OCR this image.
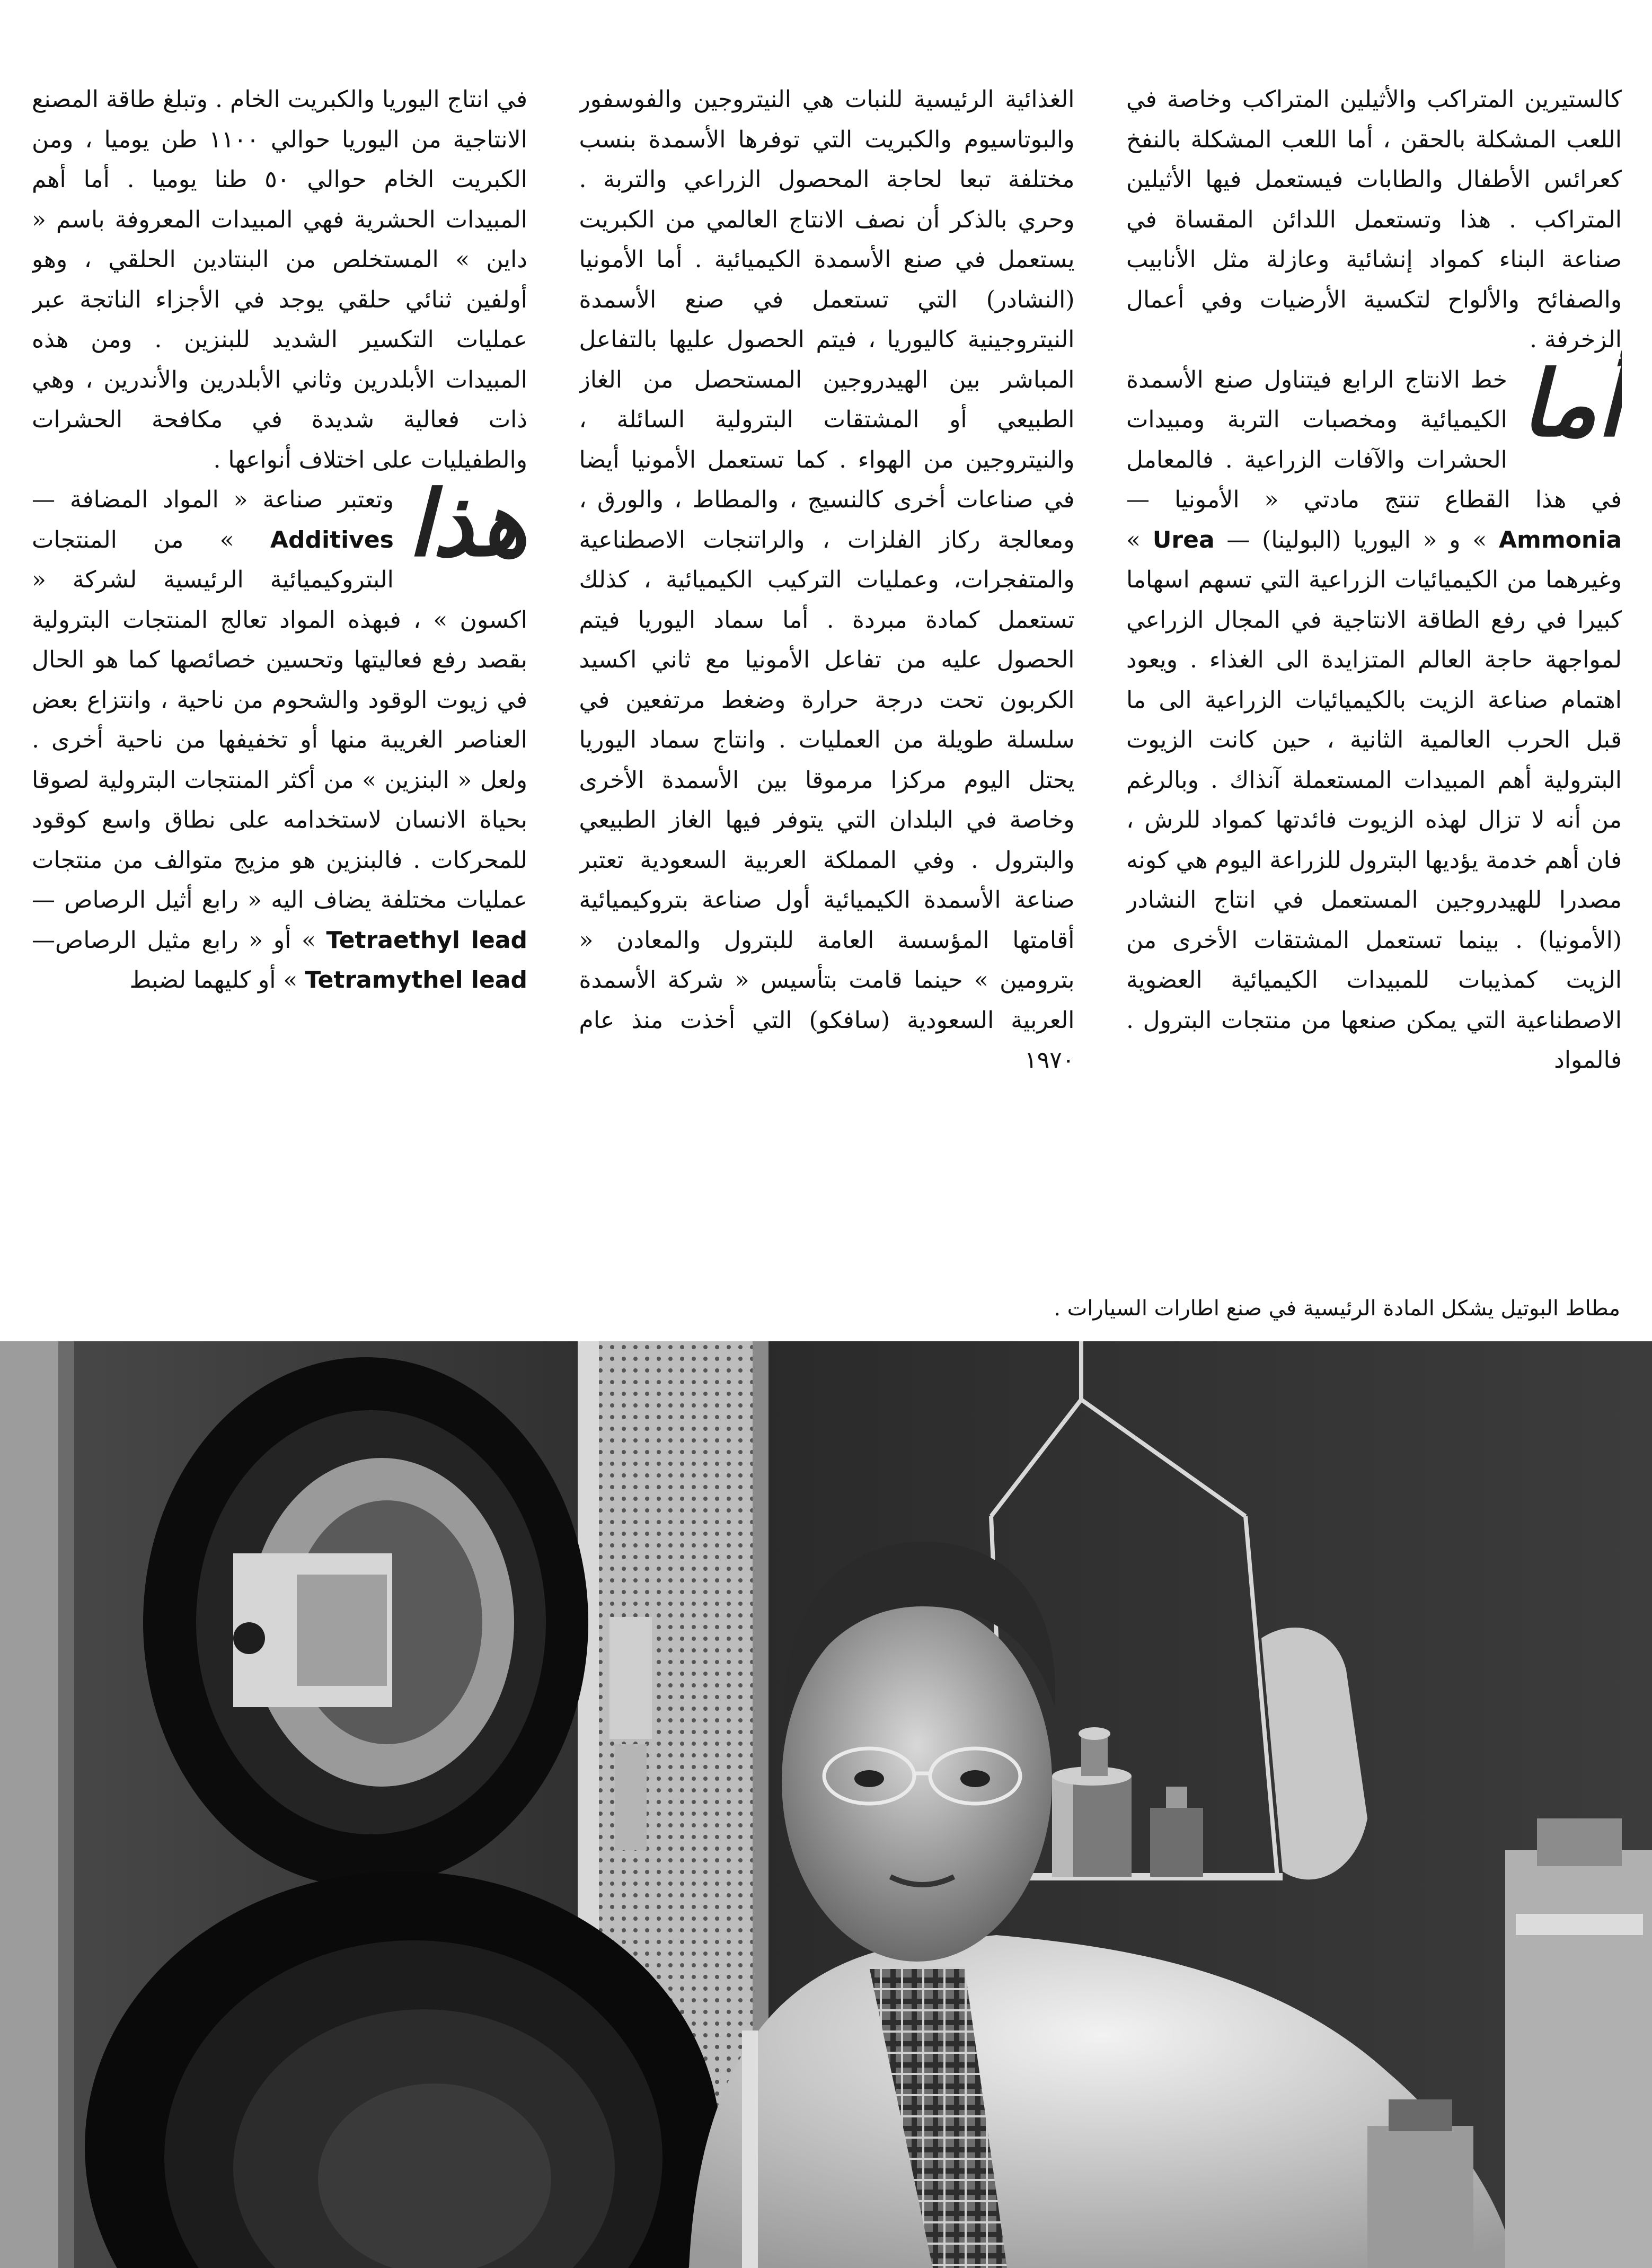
كالستيرين المتراكب والأثيلين المتراكب وخاصة في اللعب المشكلة بالحقن ، أما اللعب المشكلة بالنفخ كعرائس الأطفال والطابات فيستعمل فيها الأثيلين المتراكب . هذا وتستعمل اللدائن المقساة في صناعة البناء كمواد إنشائية وعازلة مثل الأنابيب والصفائح والألواح لتكسية الأرضيات وفي أعمال الزخرفة .

أما
خط الانتاج الرابع فيتناول صنع الأسمدة الكيميائية ومخصبات التربة ومبيدات الحشرات والآفات الزراعية . فالمعامل في هذا القطاع تنتج مادتي « الأمونيا — Ammonia » و « اليوريا (البولينا) — Urea » وغيرهما من الكيميائيات الزراعية التي تسهم اسهاما كبيرا في رفع الطاقة الانتاجية في المجال الزراعي لمواجهة حاجة العالم المتزايدة الى الغذاء . ويعود اهتمام صناعة الزيت بالكيميائيات الزراعية الى ما قبل الحرب العالمية الثانية ، حين كانت الزيوت البترولية أهم المبيدات المستعملة آنذاك . وبالرغم من أنه لا تزال لهذه الزيوت فائدتها كمواد للرش ، فان أهم خدمة يؤديها البترول للزراعة اليوم هي كونه مصدرا للهيدروجين المستعمل في انتاج النشادر (الأمونيا) . بينما تستعمل المشتقات الأخرى من الزيت كمذيبات للمبيدات الكيميائية العضوية الاصطناعية التي يمكن صنعها من منتجات البترول . فالمواد

الغذائية الرئيسية للنبات هي النيتروجين والفوسفور والبوتاسيوم والكبريت التي توفرها الأسمدة بنسب مختلفة تبعا لحاجة المحصول الزراعي والتربة . وحري بالذكر أن نصف الانتاج العالمي من الكبريت يستعمل في صنع الأسمدة الكيميائية . أما الأمونيا (النشادر) التي تستعمل في صنع الأسمدة النيتروجينية كاليوريا ، فيتم الحصول عليها بالتفاعل المباشر بين الهيدروجين المستحصل من الغاز الطبيعي أو المشتقات البترولية السائلة ، والنيتروجين من الهواء . كما تستعمل الأمونيا أيضا في صناعات أخرى كالنسيج ، والمطاط ، والورق ، ومعالجة ركاز الفلزات ، والراتنجات الاصطناعية والمتفجرات، وعمليات التركيب الكيميائية ، كذلك تستعمل كمادة مبردة . أما سماد اليوريا فيتم الحصول عليه من تفاعل الأمونيا مع ثاني اكسيد الكربون تحت درجة حرارة وضغط مرتفعين في سلسلة طويلة من العمليات . وانتاج سماد اليوريا يحتل اليوم مركزا مرموقا بين الأسمدة الأخرى وخاصة في البلدان التي يتوفر فيها الغاز الطبيعي والبترول . وفي المملكة العربية السعودية تعتبر صناعة الأسمدة الكيميائية أول صناعة بتروكيميائية أقامتها المؤسسة العامة للبترول والمعادن « بترومين » حينما قامت بتأسيس « شركة الأسمدة العربية السعودية (سافكو) التي أخذت منذ عام ١٩٧٠

في انتاج اليوريا والكبريت الخام . وتبلغ طاقة المصنع الانتاجية من اليوريا حوالي ١١٠٠ طن يوميا ، ومن الكبريت الخام حوالي ٥٠ طنا يوميا . أما أهم المبيدات الحشرية فهي المبيدات المعروفة باسم « داين » المستخلص من البنتادين الحلقي ، وهو أولفين ثنائي حلقي يوجد في الأجزاء الناتجة عبر عمليات التكسير الشديد للبنزين . ومن هذه المبيدات الأبلدرين وثاني الأبلدرين والأندرين ، وهي ذات فعالية شديدة في مكافحة الحشرات والطفيليات على اختلاف أنواعها .

هذا
وتعتبر صناعة « المواد المضافة — Additives » من المنتجات البتروكيميائية الرئيسية لشركة « اكسون » ، فبهذه المواد تعالج المنتجات البترولية بقصد رفع فعاليتها وتحسين خصائصها كما هو الحال في زيوت الوقود والشحوم من ناحية ، وانتزاع بعض العناصر الغريبة منها أو تخفيفها من ناحية أخرى . ولعل « البنزين » من أكثر المنتجات البترولية لصوقا بحياة الانسان لاستخدامه على نطاق واسع كوقود للمحركات . فالبنزين هو مزيج متوالف من منتجات عمليات مختلفة يضاف اليه « رابع أثيل الرصاص — Tetraethyl lead » أو « رابع مثيل الرصاص— Tetramythel lead » أو كليهما لضبط

مطاط البوتيل يشكل المادة الرئيسية في صنع اطارات السيارات .
